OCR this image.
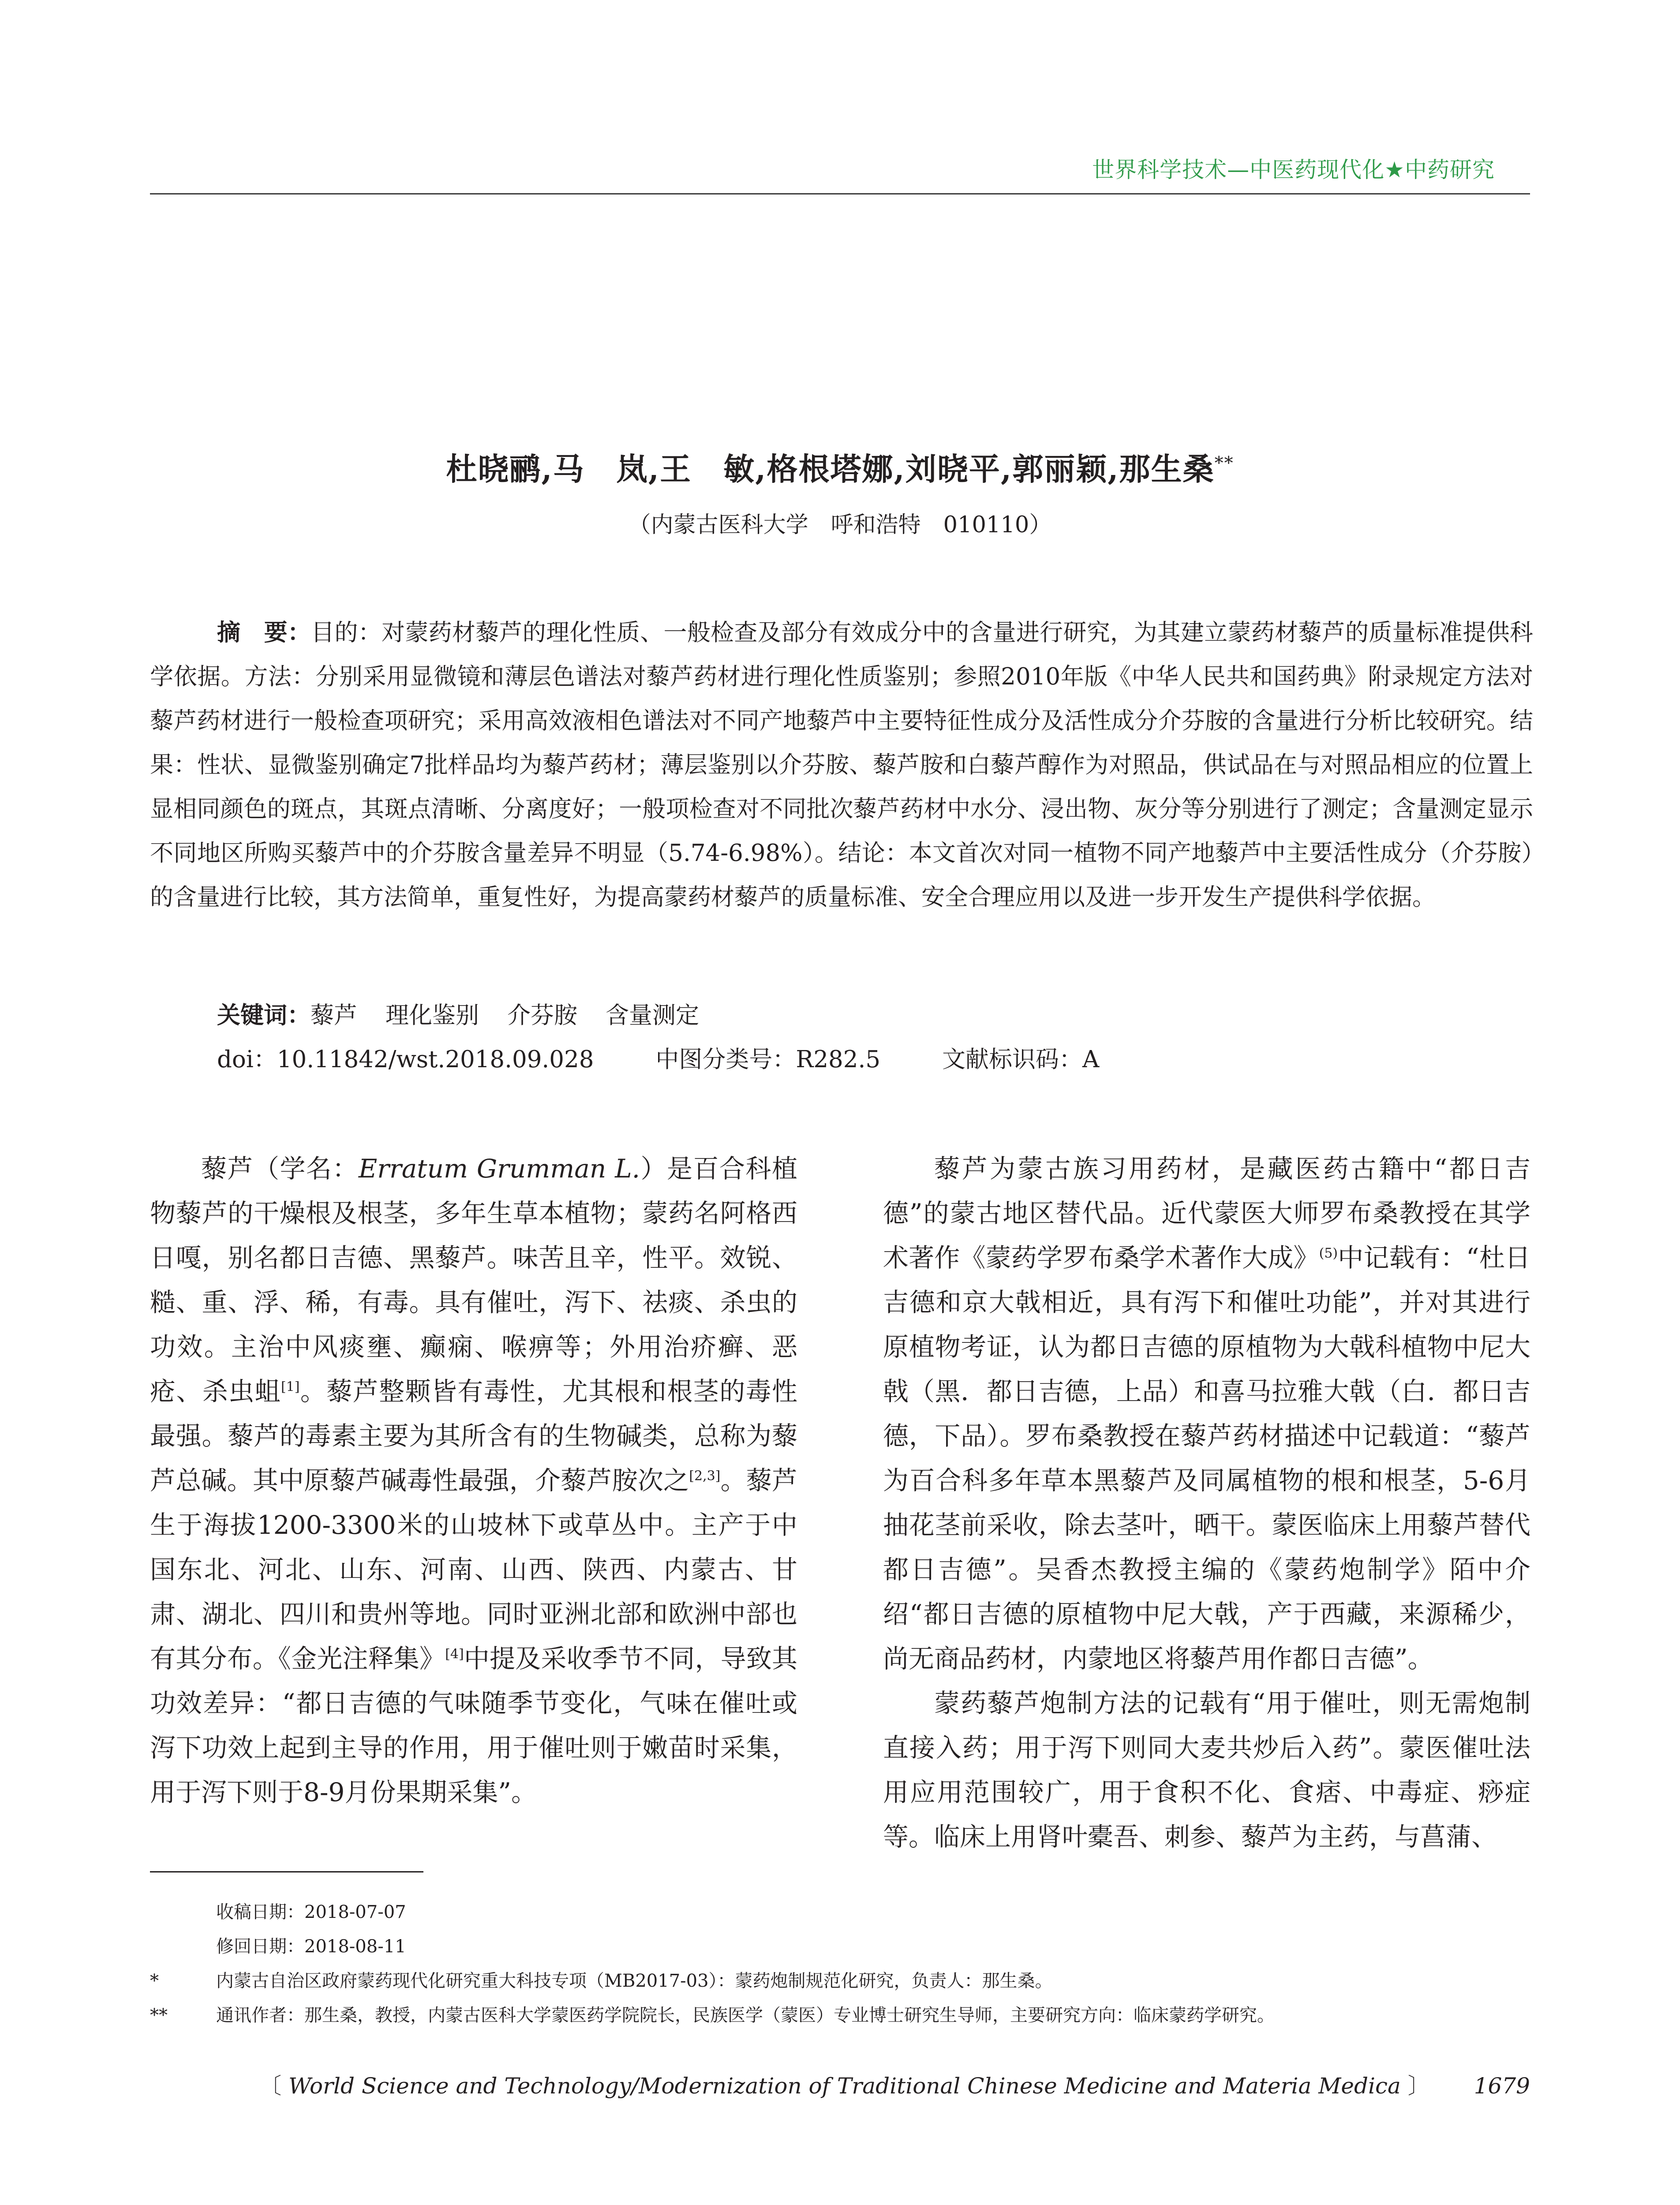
世界科学技术—中医药现代化★中药研究
杜晓鹂,马　岚,王　敏,格根塔娜,刘晓平,郭丽颖,那生桑**
（内蒙古医科大学　呼和浩特　010110）

摘　要：目的：对蒙药材藜芦的理化性质、一般检查及部分有效成分中的含量进行研究，为其建立蒙药材藜芦的质量标准提供科学依据。方法：分别采用显微镜和薄层色谱法对藜芦药材进行理化性质鉴别；参照2010年版《中华人民共和国药典》附录规定方法对藜芦药材进行一般检查项研究；采用高效液相色谱法对不同产地藜芦中主要特征性成分及活性成分介芬胺的含量进行分析比较研究。结果：性状、显微鉴别确定7批样品均为藜芦药材；薄层鉴别以介芬胺、藜芦胺和白藜芦醇作为对照品，供试品在与对照品相应的位置上显相同颜色的斑点，其斑点清晰、分离度好；一般项检查对不同批次藜芦药材中水分、浸出物、灰分等分别进行了测定；含量测定显示不同地区所购买藜芦中的介芬胺含量差异不明显（5.74-6.98%）。结论：本文首次对同一植物不同产地藜芦中主要活性成分（介芬胺）的含量进行比较，其方法简单，重复性好，为提高蒙药材藜芦的质量标准、安全合理应用以及进一步开发生产提供科学依据。

关键词：藜芦 理化鉴别 介芬胺 含量测定
doi：10.11842/wst.2018.09.028	中图分类号：R282.5	文献标识码：A

藜芦（学名：Erratum Grumman L.）是百合科植物藜芦的干燥根及根茎，多年生草本植物；蒙药名阿格西日嘎，别名都日吉德、黑藜芦。味苦且辛，性平。效锐、糙、重、浮、稀，有毒。具有催吐，泻下、祛痰、杀虫的功效。主治中风痰壅、癫痫、喉痹等；外用治疥癣、恶疮、杀虫蛆[1]。藜芦整颗皆有毒性，尤其根和根茎的毒性最强。藜芦的毒素主要为其所含有的生物碱类，总称为藜芦总碱。其中原藜芦碱毒性最强，介藜芦胺次之[2,3]。藜芦生于海拔1200-3300米的山坡林下或草丛中。主产于中国东北、河北、山东、河南、山西、陕西、内蒙古、甘肃、湖北、四川和贵州等地。同时亚洲北部和欧洲中部也有其分布。《金光注释集》[4]中提及采收季节不同，导致其功效差异：“都日吉德的气味随季节变化，气味在催吐或泻下功效上起到主导的作用，用于催吐则于嫩苗时采集，用于泻下则于8-9月份果期采集”。

藜芦为蒙古族习用药材，是藏医药古籍中“都日吉德”的蒙古地区替代品。近代蒙医大师罗布桑教授在其学术著作《蒙药学罗布桑学术著作大成》$^{(5)}$中记载有：“杜日吉德和京大戟相近，具有泻下和催吐功能”，并对其进行原植物考证，认为都日吉德的原植物为大戟科植物中尼大戟（黑．都日吉德，上品）和喜马拉雅大戟（白．都日吉德，下品）。罗布桑教授在藜芦药材描述中记载道：“藜芦为百合科多年草本黑藜芦及同属植物的根和根茎，5-6月抽花茎前采收，除去茎叶，晒干。蒙医临床上用藜芦替代都日吉德”。吴香杰教授主编的《蒙药炮制学》陌中介绍“都日吉德的原植物中尼大戟，产于西藏，来源稀少，尚无商品药材，内蒙地区将藜芦用作都日吉德”。

蒙药藜芦炮制方法的记载有“用于催吐，则无需炮制直接入药；用于泻下则同大麦共炒后入药”。蒙医催吐法用应用范围较广，用于食积不化、食痞、中毒症、痧症等。临床上用肾叶橐吾、刺参、藜芦为主药，与菖蒲、

收稿日期：2018-07-07
修回日期：2018-08-11
*	内蒙古自治区政府蒙药现代化研究重大科技专项（MB2017-03）：蒙药炮制规范化研究，负责人：那生桑。
**	通讯作者：那生桑，教授，内蒙古医科大学蒙医药学院院长，民族医学（蒙医）专业博士研究生导师，主要研究方向：临床蒙药学研究。
〔 World Science and Technology/Modernization of Traditional Chinese Medicine and Materia Medica 〕 1679
